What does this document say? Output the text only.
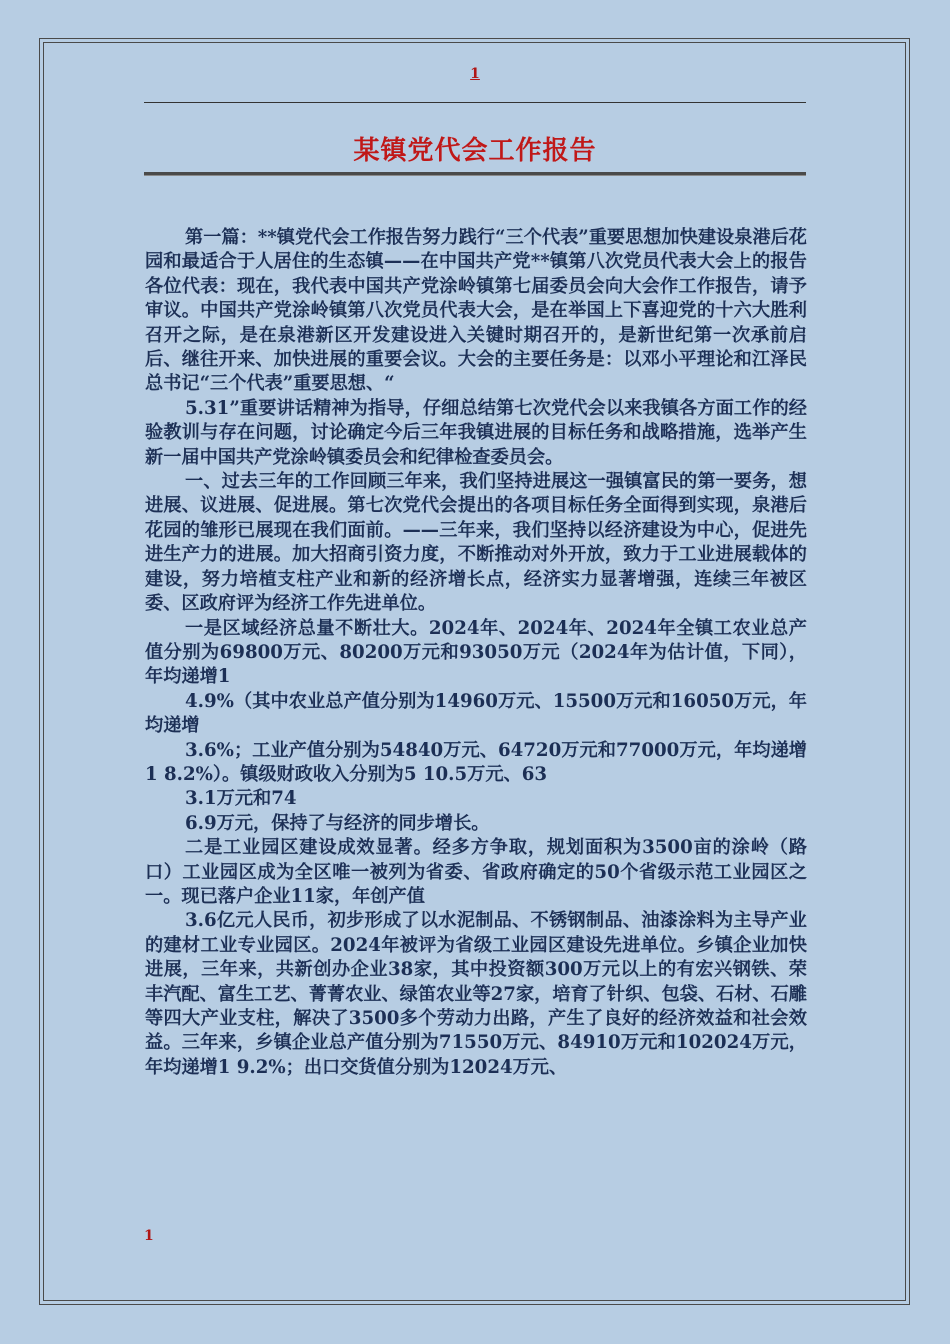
1
某镇党代会工作报告

第一篇：**镇党代会工作报告努力践行“三个代表”重要思想加快建设泉港后花园和最适合于人居住的生态镇——在中国共产党**镇第八次党员代表大会上的报告各位代表：现在，我代表中国共产党涂岭镇第七届委员会向大会作工作报告，请予审议。中国共产党涂岭镇第八次党员代表大会，是在举国上下喜迎党的十六大胜利召开之际，是在泉港新区开发建设进入关键时期召开的，是新世纪第一次承前启后、继往开来、加快进展的重要会议。大会的主要任务是：以邓小平理论和江泽民总书记“三个代表”重要思想、“

5.31”重要讲话精神为指导，仔细总结第七次党代会以来我镇各方面工作的经验教训与存在问题，讨论确定今后三年我镇进展的目标任务和战略措施，选举产生新一届中国共产党涂岭镇委员会和纪律检查委员会。

一、过去三年的工作回顾三年来，我们坚持进展这一强镇富民的第一要务，想进展、议进展、促进展。第七次党代会提出的各项目标任务全面得到实现，泉港后花园的雏形已展现在我们面前。——三年来，我们坚持以经济建设为中心，促进先进生产力的进展。加大招商引资力度，不断推动对外开放，致力于工业进展载体的建设，努力培植支柱产业和新的经济增长点，经济实力显著增强，连续三年被区委、区政府评为经济工作先进单位。

一是区域经济总量不断壮大。2024年、2024年、2024年全镇工农业总产值分别为69800万元、80200万元和93050万元（2024年为估计值，下同），年均递增1

4.9%（其中农业总产值分别为14960万元、15500万元和16050万元，年均递增

3.6%；工业产值分别为54840万元、64720万元和77000万元，年均递增1 8.2%）。镇级财政收入分别为5 10.5万元、63

3.1万元和74

6.9万元，保持了与经济的同步增长。

二是工业园区建设成效显著。经多方争取，规划面积为3500亩的涂岭（路口）工业园区成为全区唯一被列为省委、省政府确定的50个省级示范工业园区之一。现已落户企业11家，年创产值

3.6亿元人民币，初步形成了以水泥制品、不锈钢制品、油漆涂料为主导产业的建材工业专业园区。2024年被评为省级工业园区建设先进单位。乡镇企业加快进展，三年来，共新创办企业38家，其中投资额300万元以上的有宏兴钢铁、荣丰汽配、富生工艺、菁菁农业、绿笛农业等27家，培育了针织、包袋、石材、石雕等四大产业支柱，解决了3500多个劳动力出路，产生了良好的经济效益和社会效益。三年来，乡镇企业总产值分别为71550万元、84910万元和102024万元，年均递增1 9.2%；出口交货值分别为12024万元、

1
